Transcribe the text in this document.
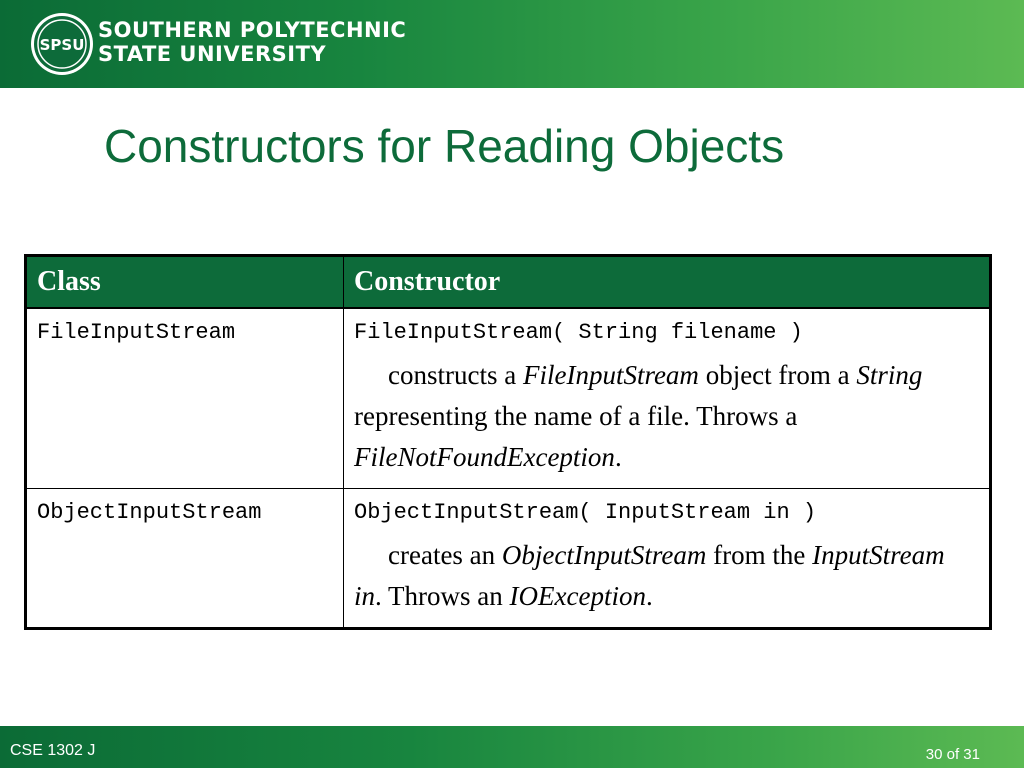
SPSU
SOUTHERN POLYTECHNIC
STATE UNIVERSITY
Constructors for Reading Objects
Class	Constructor

FileInputStream	FileInputStream( String filename )
constructs a FileInputStream object from a String representing the name of a file. Throws a FileNotFoundException.

ObjectInputStream	ObjectInputStream( InputStream in )
creates an ObjectInputStream from the InputStream in. Throws an IOException.
CSE 1302 J	30 of 31
